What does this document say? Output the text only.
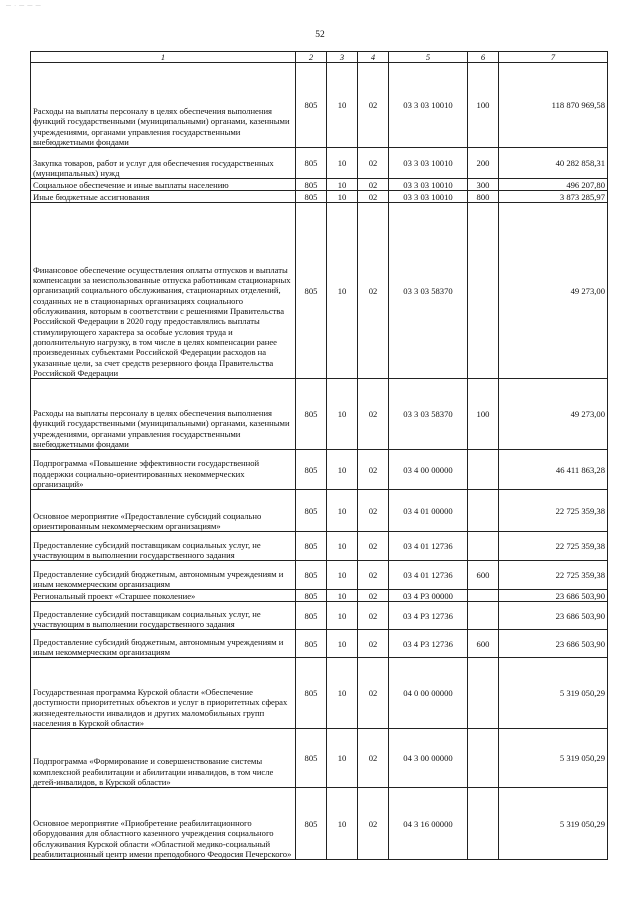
— · — — —
52
1	2	3	4	5	6	7
Расходы на выплаты персоналу в целях обеспечения выполнения функций государственными (муниципальными) органами, казенными учреждениями, органами управления государственными внебюджетными фондами	805	10	02	03 3 03 10010	100	118 870 969,58
Закупка товаров, работ и услуг для обеспечения государственных (муниципальных) нужд	805	10	02	03 3 03 10010	200	40 282 858,31
Социальное обеспечение и иные выплаты населению	805	10	02	03 3 03 10010	300	496 207,80
Иные бюджетные ассигнования	805	10	02	03 3 03 10010	800	3 873 285,97
Финансовое обеспечение осуществления оплаты отпусков и выплаты компенсации за неиспользованные отпуска работникам стационарных организаций социального обслуживания, стационарных отделений, созданных не в стационарных организациях социального обслуживания, которым в соответствии с решениями Правительства Российской Федерации в 2020 году предоставлялись выплаты стимулирующего характера за особые условия труда и дополнительную нагрузку, в том числе в целях компенсации ранее произведенных субъектами Российской Федерации расходов на указанные цели, за счет средств резервного фонда Правительства Российской Федерации	805	10	02	03 3 03 58370		49 273,00
Расходы на выплаты персоналу в целях обеспечения выполнения функций государственными (муниципальными) органами, казенными учреждениями, органами управления государственными внебюджетными фондами	805	10	02	03 3 03 58370	100	49 273,00
Подпрограмма «Повышение эффективности государственной поддержки социально-ориентированных некоммерческих организаций»	805	10	02	03 4 00 00000		46 411 863,28
Основное мероприятие «Предоставление субсидий социально ориентированным некоммерческим организациям»	805	10	02	03 4 01 00000		22 725 359,38
Предоставление субсидий поставщикам социальных услуг, не участвующим в выполнении государственного задания	805	10	02	03 4 01 12736		22 725 359,38
Предоставление субсидий бюджетным, автономным учреждениям и иным некоммерческим организациям	805	10	02	03 4 01 12736	600	22 725 359,38
Региональный проект «Старшее поколение»	805	10	02	03 4 P3 00000		23 686 503,90
Предоставление субсидий поставщикам социальных услуг, не участвующим в выполнении государственного задания	805	10	02	03 4 P3 12736		23 686 503,90
Предоставление субсидий бюджетным, автономным учреждениям и иным некоммерческим организациям	805	10	02	03 4 P3 12736	600	23 686 503,90
Государственная программа Курской области «Обеспечение доступности приоритетных объектов и услуг в приоритетных сферах жизнедеятельности инвалидов и других маломобильных групп населения в Курской области»	805	10	02	04 0 00 00000		5 319 050,29
Подпрограмма «Формирование и совершенствование системы комплексной реабилитации и абилитации инвалидов, в том числе детей-инвалидов, в Курской области»	805	10	02	04 3 00 00000		5 319 050,29
Основное мероприятие «Приобретение реабилитационного оборудования для областного казенного учреждения социального обслуживания Курской области «Областной медико-социальный реабилитационный центр имени преподобного Феодосия Печерского»	805	10	02	04 3 16 00000		5 319 050,29
